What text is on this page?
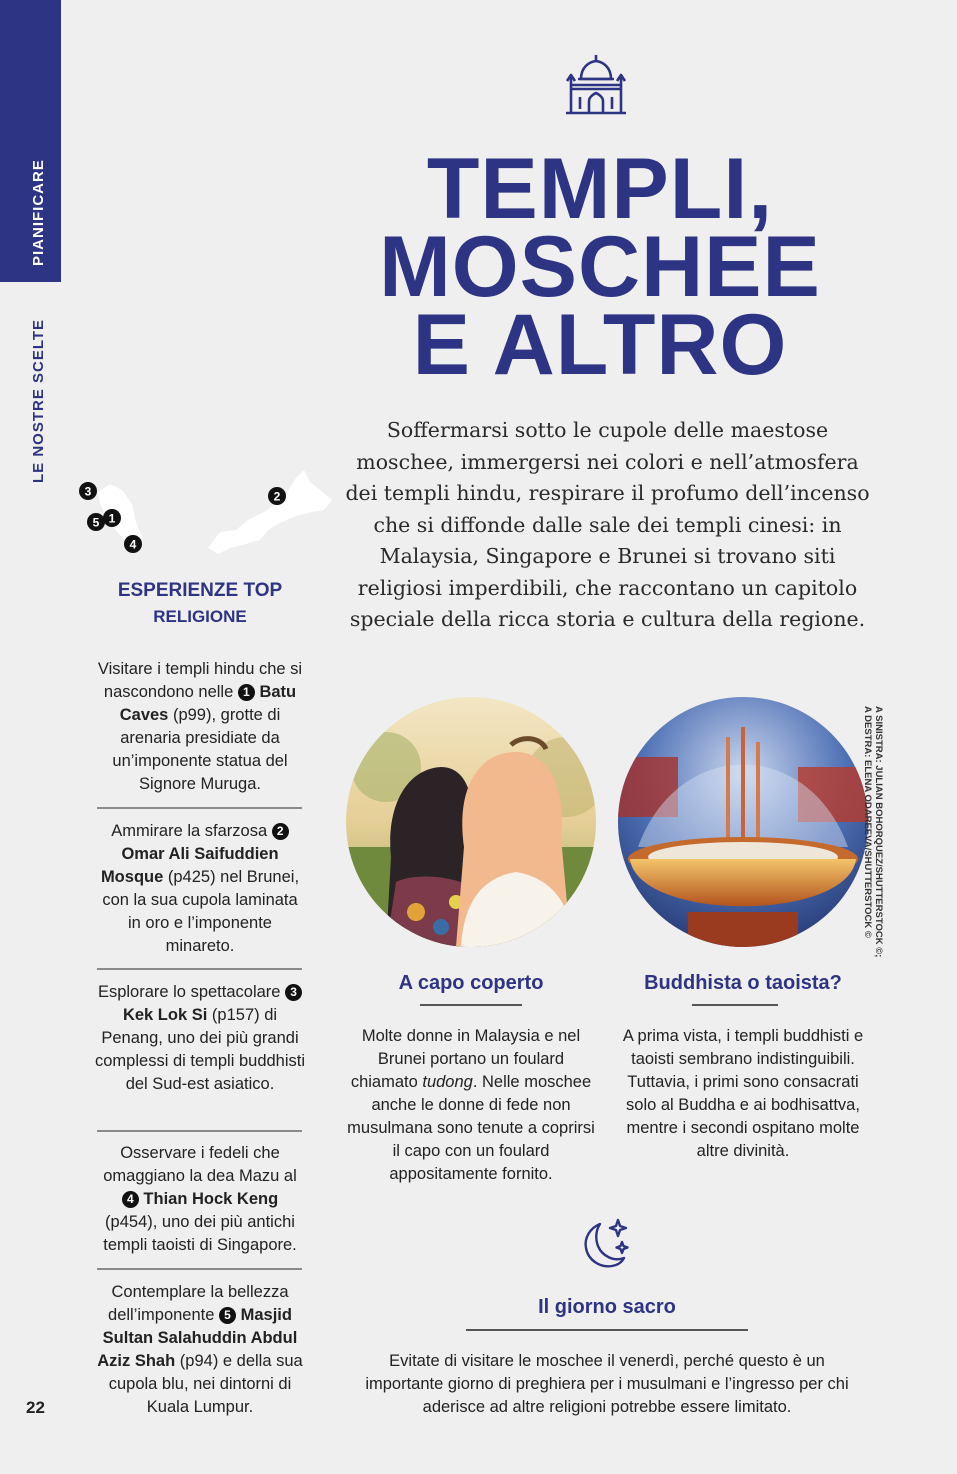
PIANIFICARE
LE NOSTRE SCELTE
TEMPLI,
MOSCHEE
E ALTRO
Soffermarsi sotto le cupole delle maestose moschee, immergersi nei colori e nell’atmosfera dei templi hindu, respirare il profumo dell’incenso che si diffonde dalle sale dei templi cinesi: in Malaysia, Singapore e Brunei si trovano siti religiosi imperdibili, che raccontano un capitolo speciale della ricca storia e cultura della regione.
3	2
5 1
4
ESPERIENZE TOP
RELIGIONE
Visitare i templi hindu che si nascondono nelle 1 Batu Caves (p99), grotte di arenaria presidiate da un’imponente statua del Signore Muruga.
Ammirare la sfarzosa 2 Omar Ali Saifuddien Mosque (p425) nel Brunei, con la sua cupola laminata in oro e l’imponente minareto.
Esplorare lo spettacolare 3 Kek Lok Si (p157) di Penang, uno dei più grandi complessi di templi buddhisti del Sud-est asiatico.
Osservare i fedeli che omaggiano la dea Mazu al 4 Thian Hock Keng (p454), uno dei più antichi templi taoisti di Singapore.
Contemplare la bellezza dell’imponente 5 Masjid Sultan Salahuddin Abdul Aziz Shah (p94) e della sua cupola blu, nei dintorni di Kuala Lumpur.
22
A SINISTRA: JULIAN BOHORQUEZ/SHUTTERSTOCK ©;
A DESTRA: ELENA ODAREEVA/SHUTTERSTOCK ©
A capo coperto
Molte donne in Malaysia e nel Brunei portano un foulard chiamato tudong. Nelle moschee anche le donne di fede non musulmana sono tenute a coprirsi il capo con un foulard appositamente fornito.
Buddhista o taoista?
A prima vista, i templi buddhisti e taoisti sembrano indistinguibili. Tuttavia, i primi sono consacrati solo al Buddha e ai bodhisattva, mentre i secondi ospitano molte altre divinità.
Il giorno sacro
Evitate di visitare le moschee il venerdì, perché questo è un importante giorno di preghiera per i musulmani e l’ingresso per chi aderisce ad altre religioni potrebbe essere limitato.
